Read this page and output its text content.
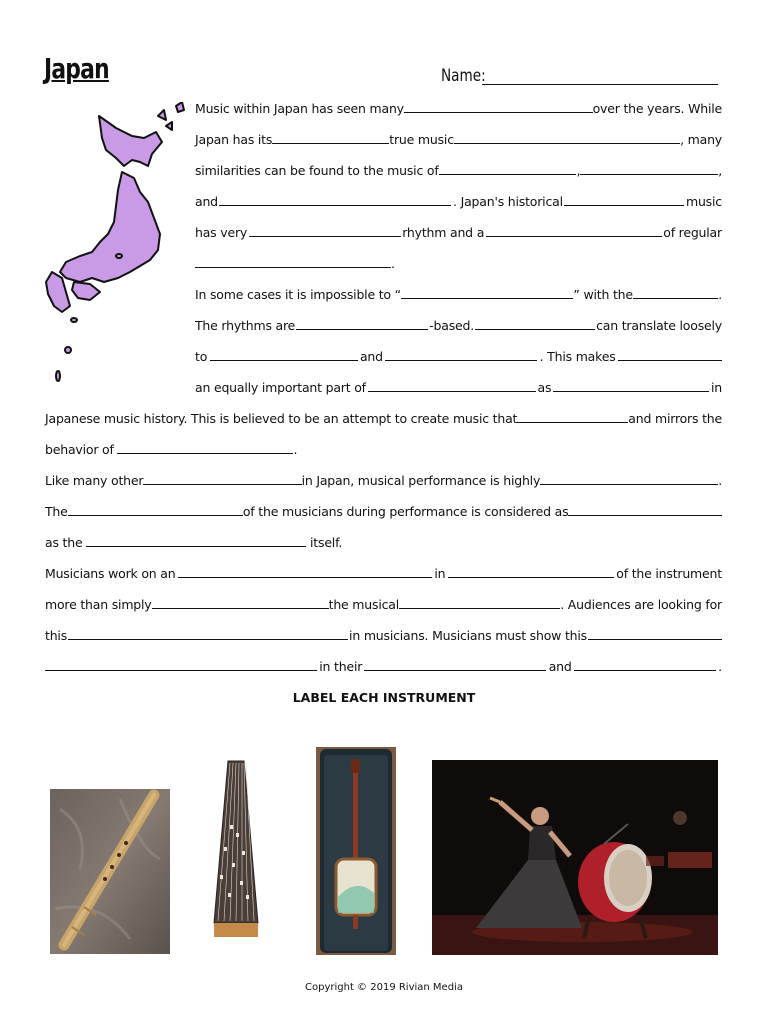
Japan	Name:
Music within Japan has seen many	over the years. While
Japan has its	true music	, many
similarities can be found to the music of	,	,
and	. Japan's historical	music
has very	rhythm and a	of regular
.
In some cases it is impossible to “	” with the	.
The rhythms are	-based.	can translate loosely
to	and	. This makes
an equally important part of	as	in
Japanese music history. This is believed to be an attempt to create music that	and mirrors the
behavior of	.
Like many other	in Japan, musical performance is highly	.
The	of the musicians during performance is considered as
as the	itself.
Musicians work on an	in	of the instrument
more than simply	the musical	. Audiences are looking for
this	in musicians. Musicians must show this
in their	and	.
LABEL EACH INSTRUMENT
Copyright © 2019 Rivian Media
